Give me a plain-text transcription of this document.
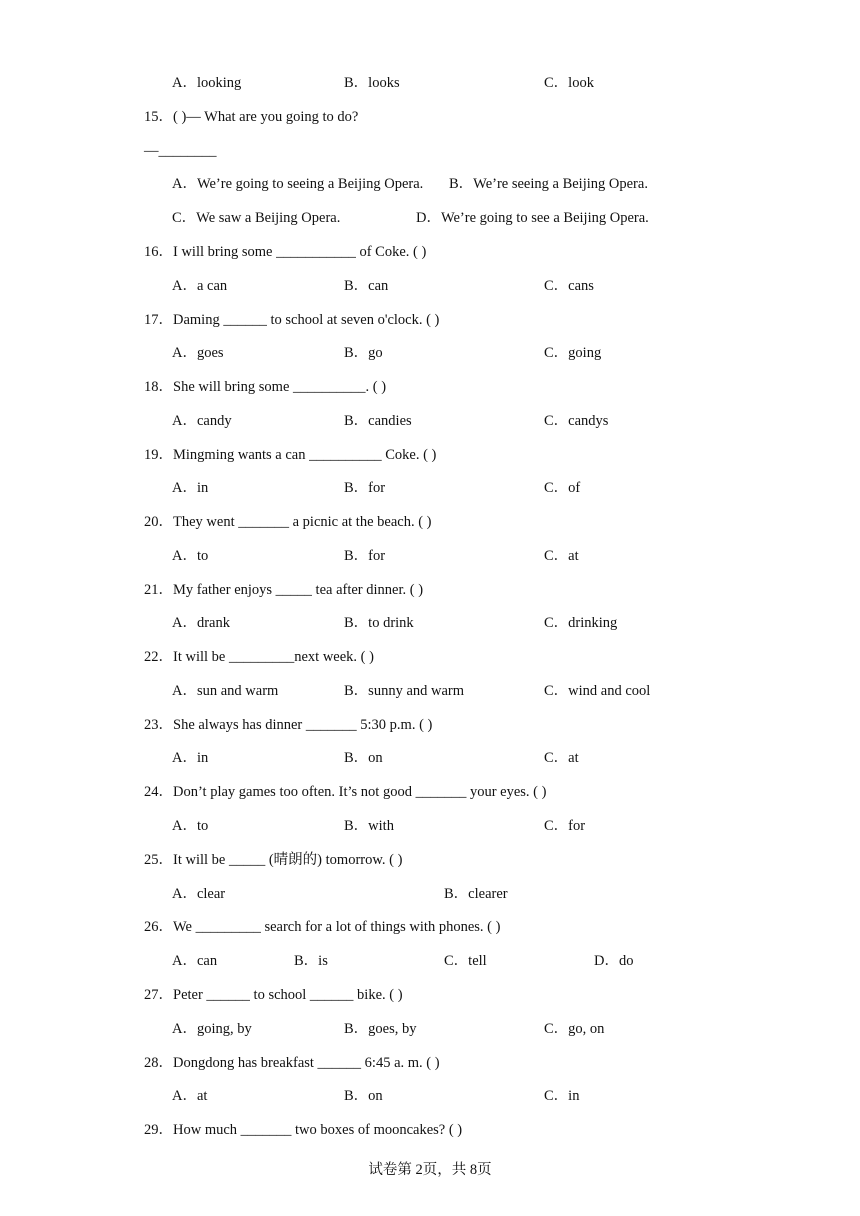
A．looking	B．looks	C．look
15．( )— What are you going to do?
—________
A．We’re going to seeing a Beijing Opera. B．We’re seeing a Beijing Opera.
C．We saw a Beijing Opera.	D．We’re going to see a Beijing Opera.
16．I will bring some ___________ of Coke. ( )
A．a can	B．can	C．cans
17．Daming ______ to school at seven o'clock. ( )
A．goes	B．go	C．going
18．She will bring some __________. ( )
A．candy	B．candies	C．candys
19．Mingming wants a can __________ Coke. ( )
A．in	B．for	C．of
20．They went _______ a picnic at the beach. ( )
A．to	B．for	C．at
21．My father enjoys _____ tea after dinner. ( )
A．drank	B．to drink	C．drinking
22．It will be _________next week. ( )
A．sun and warm	B．sunny and warm	C．wind and cool
23．She always has dinner _______ 5:30 p.m. ( )
A．in	B．on	C．at
24．Don’t play games too often. It’s not good _______ your eyes. ( )
A．to	B．with	C．for
25．It will be _____ (晴朗的) tomorrow. ( )
A．clear	B．clearer
26．We _________ search for a lot of things with phones. ( )
A．can	B．is	C．tell	D．do
27．Peter ______ to school ______ bike. ( )
A．going, by	B．goes, by	C．go, on
28．Dongdong has breakfast ______ 6:45 a. m. ( )
A．at	B．on	C．in
29．How much _______ two boxes of mooncakes? ( )
试卷第 2页，共 8页
